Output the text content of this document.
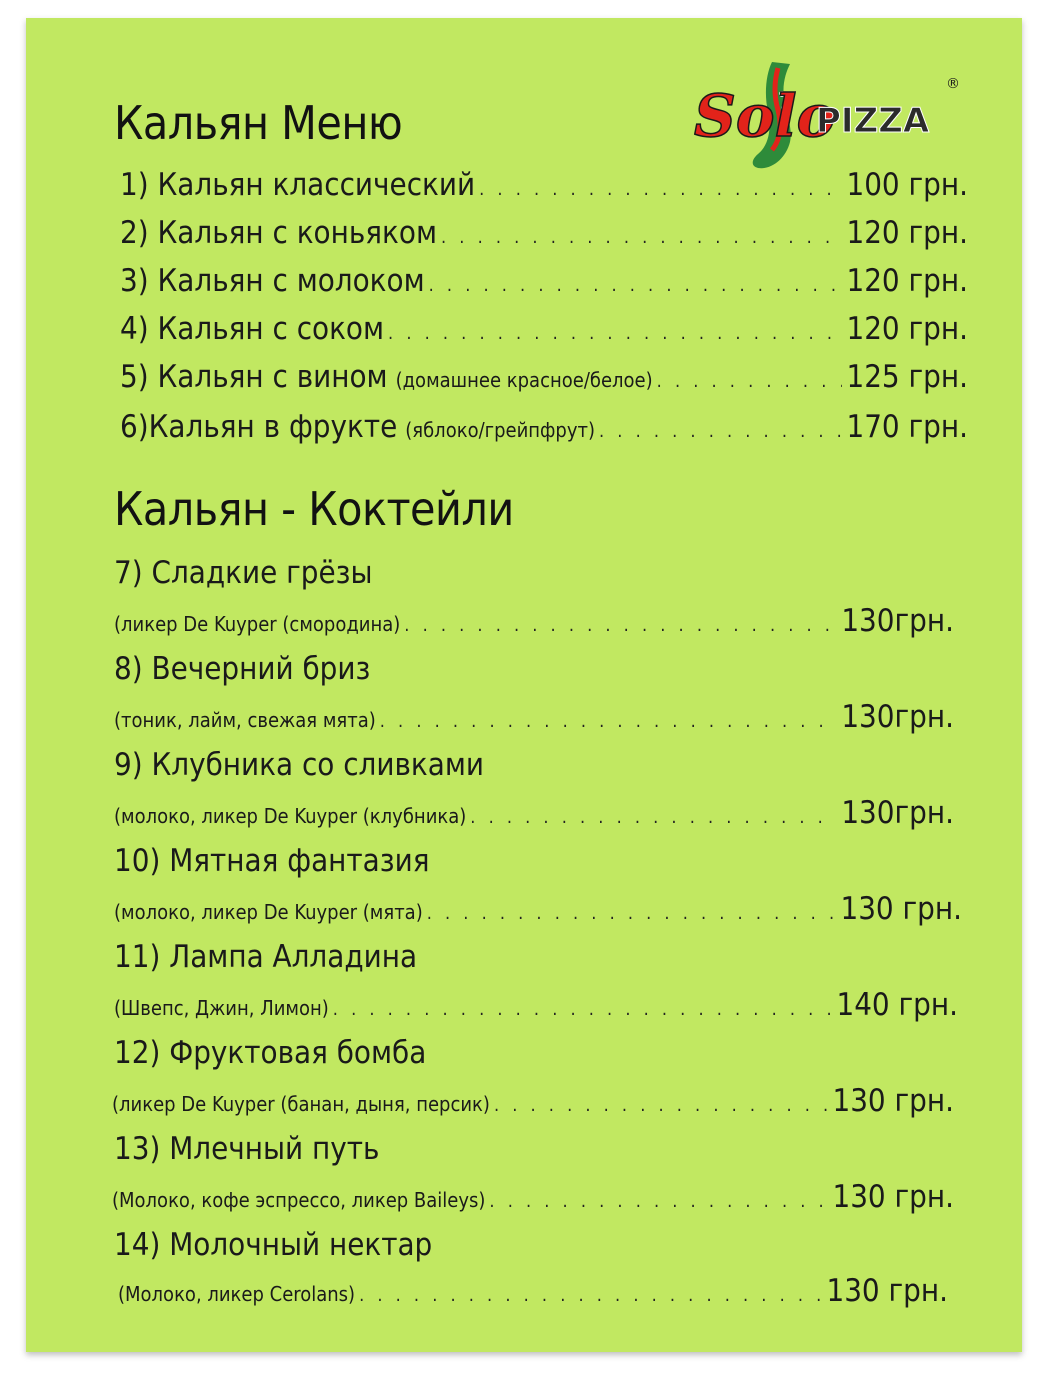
Solo
PIZZA
®
Кальян Меню
1) Кальян классический . . .	100 грн.
2) Кальян с коньяком . . .	120 грн.
3) Кальян с молоком . . .	120 грн.
4) Кальян с соком . . .	120 грн.
5) Кальян с вином (домашнее красное/белое) . . .	125 грн.
6)Кальян в фрукте (яблоко/грейпфрут) . . .	170 грн.
Кальян - Коктейли
7) Сладкие грёзы
(ликер De Kuyper (смородина) . . .	130грн.
8) Вечерний бриз
(тоник, лайм, свежая мята) . . .	130грн.
9) Клубника со сливками
(молоко, ликер De Kuyper (клубника) . . .	130грн.
10) Мятная фантазия
(молоко, ликер De Kuyper (мята) . . .	130 грн.
11) Лампа Алладина
(Швепс, Джин, Лимон) . . .	140 грн.
12) Фруктовая бомба
(ликер De Kuyper (банан, дыня, персик) . . .	130 грн.
13) Млечный путь
(Молоко, кофе эспрессо, ликер Baileys) . . .	130 грн.
14) Молочный нектар
(Молоко, ликер Cerolans) . . .	130 грн.
